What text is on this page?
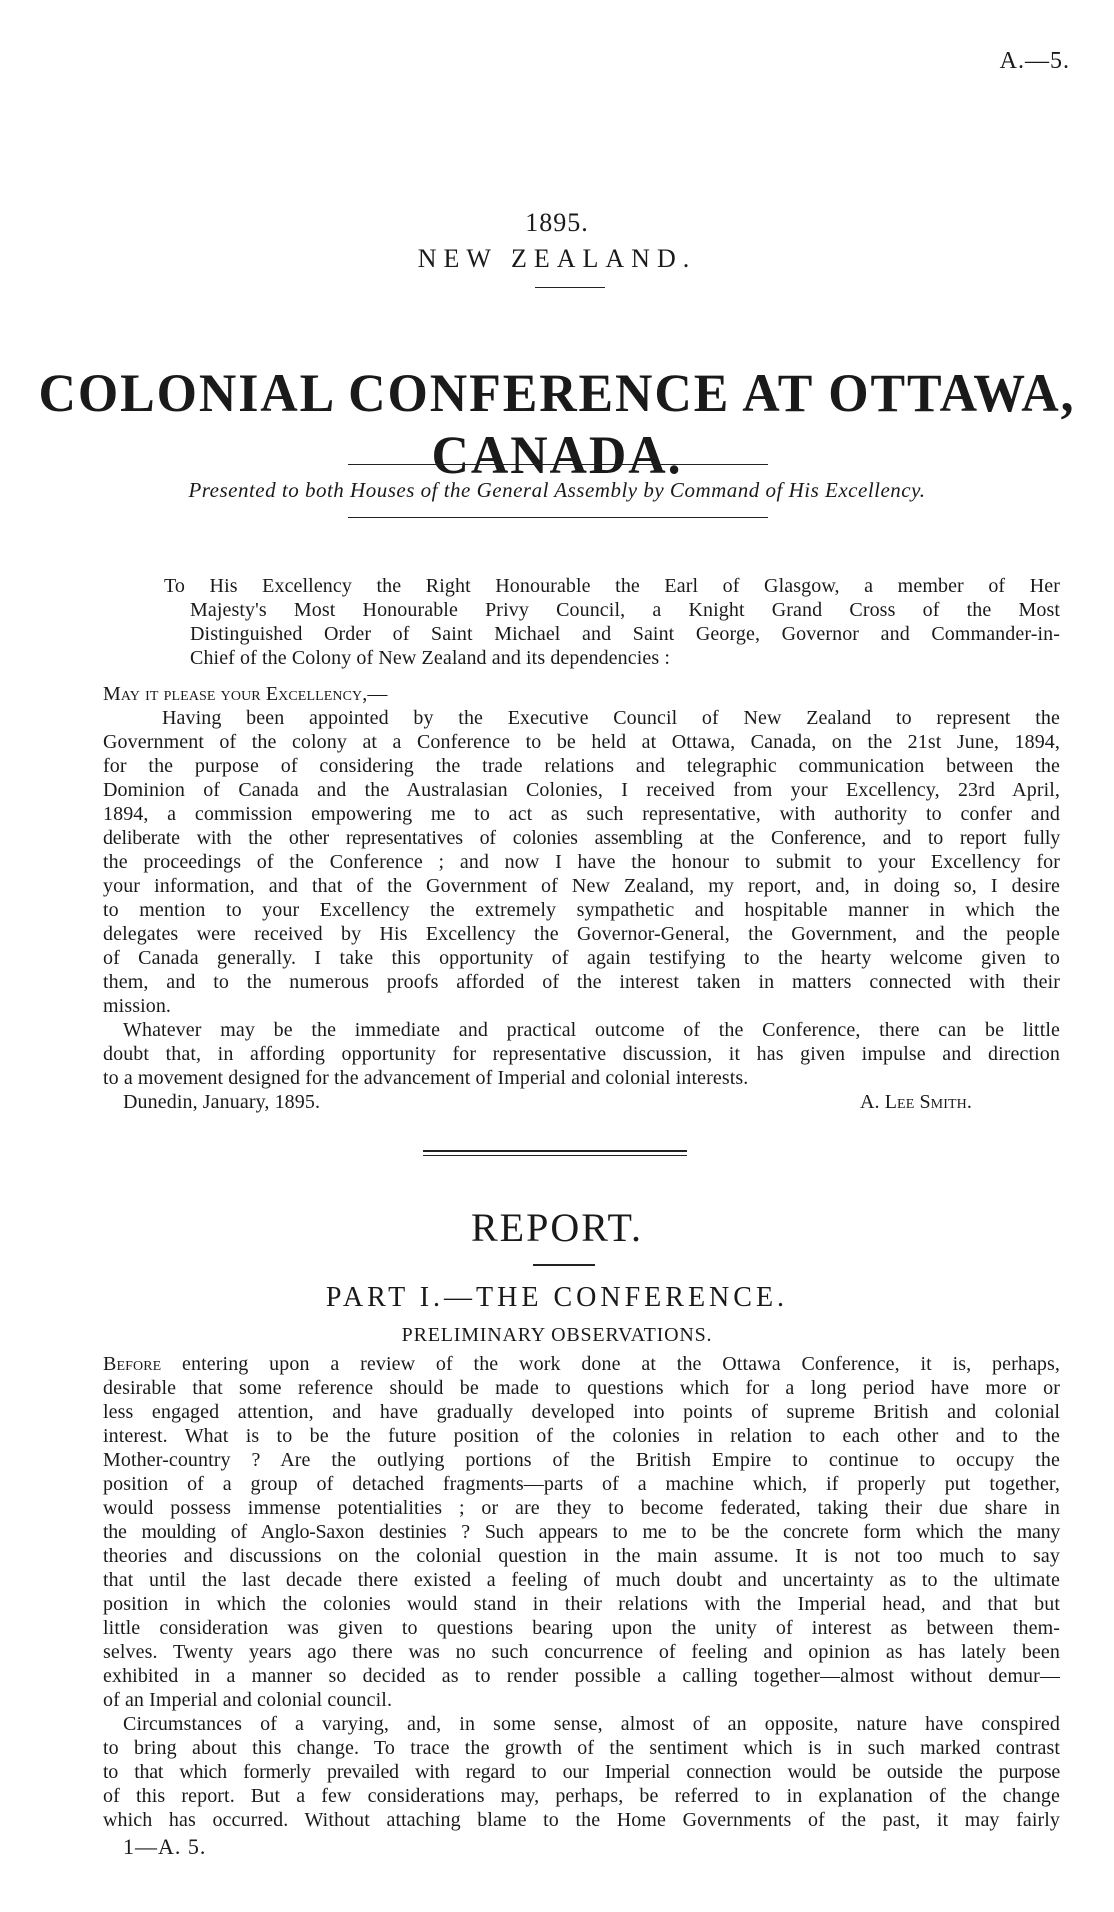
A.—5.
1895.
NEW ZEALAND.
COLONIAL CONFERENCE AT OTTAWA, CANADA.
Presented to both Houses of the General Assembly by Command of His Excellency.
To His Excellency the Right Honourable the Earl of Glasgow, a member of Her
Majesty's Most Honourable Privy Council, a Knight Grand Cross of the Most
Distinguished Order of Saint Michael and Saint George, Governor and Commander-in-
Chief of the Colony of New Zealand and its dependencies :
May it please your Excellency,—
Having been appointed by the Executive Council of New Zealand to represent the
Government of the colony at a Conference to be held at Ottawa, Canada, on the 21st June, 1894,
for the purpose of considering the trade relations and telegraphic communication between the
Dominion of Canada and the Australasian Colonies, I received from your Excellency, 23rd April,
1894, a commission empowering me to act as such representative, with authority to confer and
deliberate with the other representatives of colonies assembling at the Conference, and to report fully
the proceedings of the Conference ; and now I have the honour to submit to your Excellency for
your information, and that of the Government of New Zealand, my report, and, in doing so, I desire
to mention to your Excellency the extremely sympathetic and hospitable manner in which the
delegates were received by His Excellency the Governor-General, the Government, and the people
of Canada generally. I take this opportunity of again testifying to the hearty welcome given to
them, and to the numerous proofs afforded of the interest taken in matters connected with their
mission.
Whatever may be the immediate and practical outcome of the Conference, there can be little
doubt that, in affording opportunity for representative discussion, it has given impulse and direction
to a movement designed for the advancement of Imperial and colonial interests.
Dunedin, January, 1895.	A. Lee Smith.
REPORT.
PART I.—THE CONFERENCE.
PRELIMINARY OBSERVATIONS.
Before entering upon a review of the work done at the Ottawa Conference, it is, perhaps,
desirable that some reference should be made to questions which for a long period have more or
less engaged attention, and have gradually developed into points of supreme British and colonial
interest. What is to be the future position of the colonies in relation to each other and to the
Mother-country ? Are the outlying portions of the British Empire to continue to occupy the
position of a group of detached fragments—parts of a machine which, if properly put together,
would possess immense potentialities ; or are they to become federated, taking their due share in
the moulding of Anglo-Saxon destinies ? Such appears to me to be the concrete form which the many
theories and discussions on the colonial question in the main assume. It is not too much to say
that until the last decade there existed a feeling of much doubt and uncertainty as to the ultimate
position in which the colonies would stand in their relations with the Imperial head, and that but
little consideration was given to questions bearing upon the unity of interest as between them-
selves. Twenty years ago there was no such concurrence of feeling and opinion as has lately been
exhibited in a manner so decided as to render possible a calling together—almost without demur—
of an Imperial and colonial council.
Circumstances of a varying, and, in some sense, almost of an opposite, nature have conspired
to bring about this change. To trace the growth of the sentiment which is in such marked contrast
to that which formerly prevailed with regard to our Imperial connection would be outside the purpose
of this report. But a few considerations may, perhaps, be referred to in explanation of the change
which has occurred. Without attaching blame to the Home Governments of the past, it may fairly
1—A. 5.
